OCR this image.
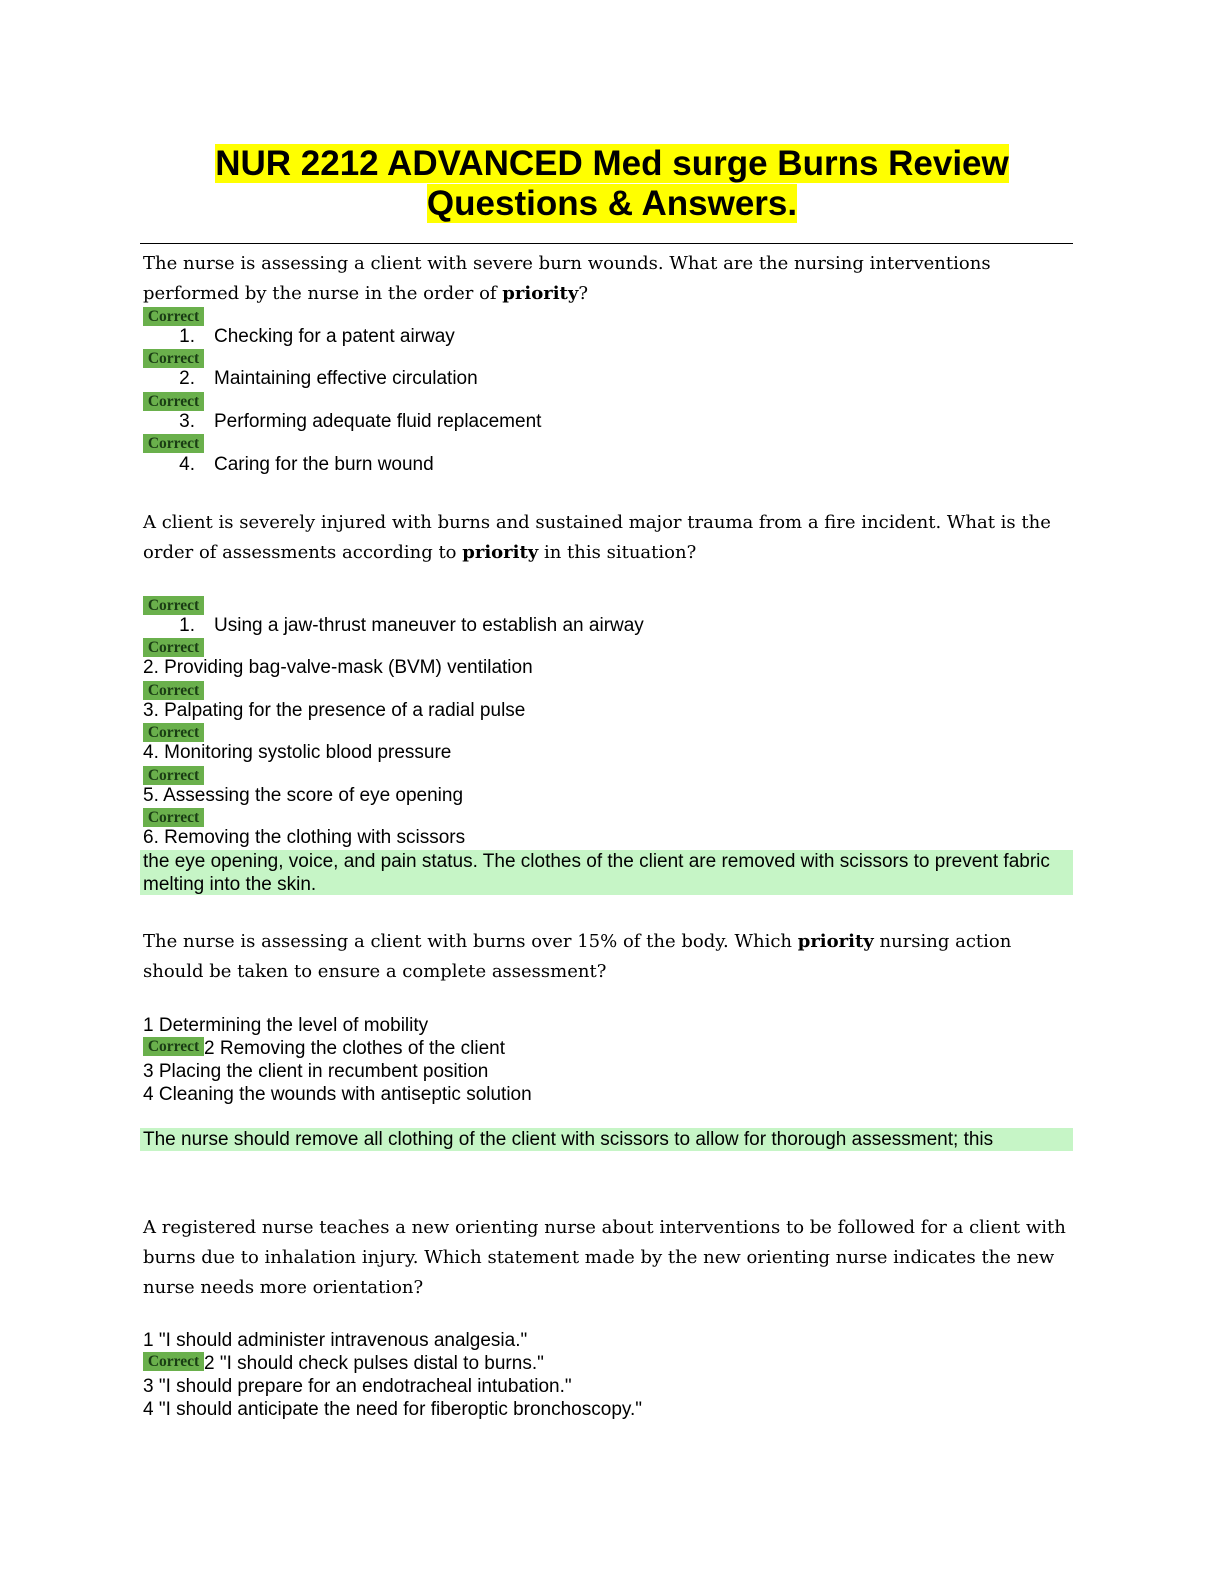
NUR 2212 ADVANCED Med surge Burns Review
Questions & Answers.

The nurse is assessing a client with severe burn wounds. What are the nursing interventions performed by the nurse in the order of priority?

Correct
1. Checking for a patent airway
Correct
2. Maintaining effective circulation
Correct
3. Performing adequate fluid replacement
Correct
4. Caring for the burn wound

A client is severely injured with burns and sustained major trauma from a fire incident. What is the order of assessments according to priority in this situation?

Correct
1. Using a jaw-thrust maneuver to establish an airway
Correct
2. Providing bag-valve-mask (BVM) ventilation
Correct
3. Palpating for the presence of a radial pulse
Correct
4. Monitoring systolic blood pressure
Correct
5. Assessing the score of eye opening
Correct
6. Removing the clothing with scissors
the eye opening, voice, and pain status. The clothes of the client are removed with scissors to prevent fabric melting into the skin.

The nurse is assessing a client with burns over 15% of the body. Which priority nursing action should be taken to ensure a complete assessment?

1 Determining the level of mobility
Correct 2 Removing the clothes of the client
3 Placing the client in recumbent position
4 Cleaning the wounds with antiseptic solution
The nurse should remove all clothing of the client with scissors to allow for thorough assessment; this

A registered nurse teaches a new orienting nurse about interventions to be followed for a client with burns due to inhalation injury. Which statement made by the new orienting nurse indicates the new nurse needs more orientation?

1 "I should administer intravenous analgesia."
Correct 2 "I should check pulses distal to burns."
3 "I should prepare for an endotracheal intubation."
4 "I should anticipate the need for fiberoptic bronchoscopy."
